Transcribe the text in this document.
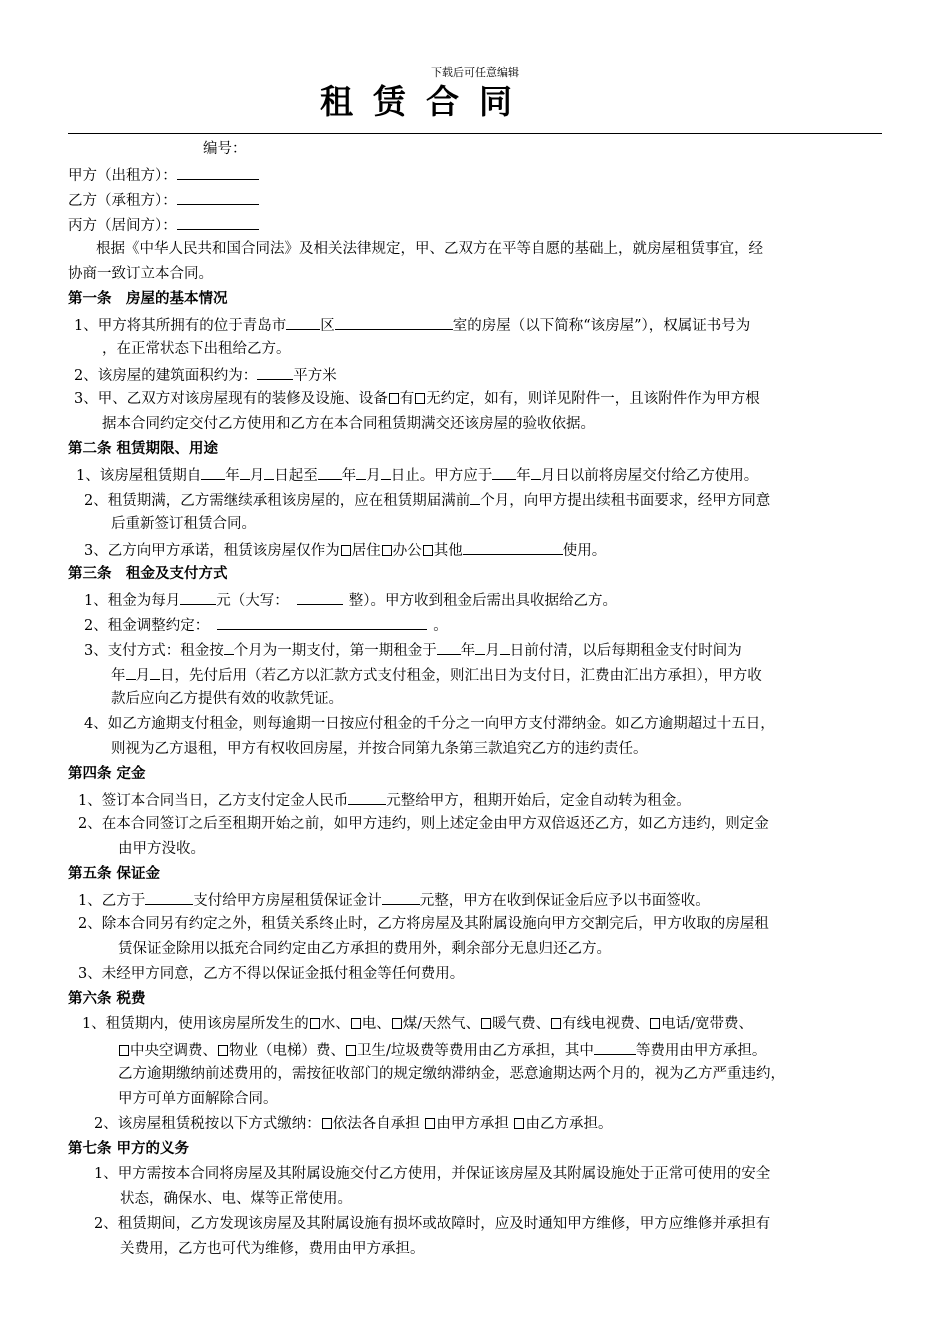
下载后可任意编辑
租赁合同
编号：
甲方（出租方）：
乙方（承租方）：
丙方（居间方）：
根据《中华人民共和国合同法》及相关法律规定，甲、乙双方在平等自愿的基础上，就房屋租赁事宜，经
协商一致订立本合同。
第一条　房屋的基本情况
1、甲方将其所拥有的位于青岛市 区	室的房屋（以下简称“该房屋”），权属证书号为
，在正常状态下出租给乙方。
2、该房屋的建筑面积约为： 平方米
3、甲、乙双方对该房屋现有的装修及设施、设备 有 无约定，如有，则详见附件一，且该附件作为甲方根
据本合同约定交付乙方使用和乙方在本合同租赁期满交还该房屋的验收依据。
第二条 租赁期限、用途
1、该房屋租赁期自 年 月 日起至 年 月 日止。甲方应于 年 月日以前将房屋交付给乙方使用。
2、租赁期满，乙方需继续承租该房屋的，应在租赁期届满前 个月，向甲方提出续租书面要求，经甲方同意
后重新签订租赁合同。
3、乙方向甲方承诺，租赁该房屋仅作为 居住 办公 其他	使用。
第三条　租金及支付方式
1、租金为每月 元（大写：	整）。甲方收到租金后需出具收据给乙方。
2、租金调整约定：	。
3、支付方式：租金按 个月为一期支付，第一期租金于 年 月 日前付清，以后每期租金支付时间为
年 月 日，先付后用（若乙方以汇款方式支付租金，则汇出日为支付日，汇费由汇出方承担），甲方收
款后应向乙方提供有效的收款凭证。
4、如乙方逾期支付租金，则每逾期一日按应付租金的千分之一向甲方支付滞纳金。如乙方逾期超过十五日，
则视为乙方退租，甲方有权收回房屋，并按合同第九条第三款追究乙方的违约责任。
第四条 定金
1、签订本合同当日，乙方支付定金人民币	元整给甲方，租期开始后，定金自动转为租金。
2、在本合同签订之后至租期开始之前，如甲方违约，则上述定金由甲方双倍返还乙方，如乙方违约，则定金
由甲方没收。
第五条 保证金
1、乙方于	支付给甲方房屋租赁保证金计	元整，甲方在收到保证金后应予以书面签收。
2、除本合同另有约定之外，租赁关系终止时，乙方将房屋及其附属设施向甲方交割完后，甲方收取的房屋租
赁保证金除用以抵充合同约定由乙方承担的费用外，剩余部分无息归还乙方。
3、未经甲方同意，乙方不得以保证金抵付租金等任何费用。
第六条 税费
1、租赁期内，使用该房屋所发生的 水、 电、 煤/天然气、 暖气费、 有线电视费、 电话/宽带费、
中央空调费、 物业（电梯）费、 卫生/垃圾费等费用由乙方承担，其中	等费用由甲方承担。
乙方逾期缴纳前述费用的，需按征收部门的规定缴纳滞纳金，恶意逾期达两个月的，视为乙方严重违约，
甲方可单方面解除合同。
2、该房屋租赁税按以下方式缴纳： 依法各自承担 由甲方承担 由乙方承担。
第七条 甲方的义务
1、甲方需按本合同将房屋及其附属设施交付乙方使用，并保证该房屋及其附属设施处于正常可使用的安全
状态，确保水、电、煤等正常使用。
2、租赁期间，乙方发现该房屋及其附属设施有损坏或故障时，应及时通知甲方维修，甲方应维修并承担有
关费用，乙方也可代为维修，费用由甲方承担。
